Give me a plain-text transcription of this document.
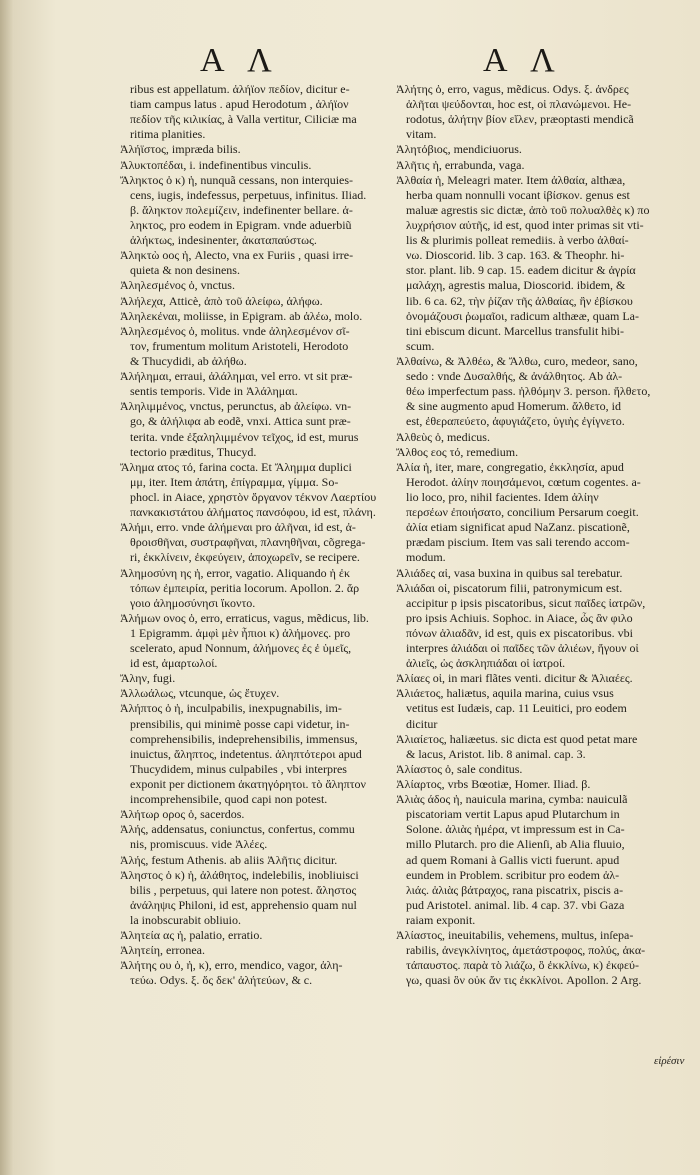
A Λ	A Λ
ribus est appellatum. ἀλήϊον πεδίον, dicitur e-
tiam campus latus . apud Herodotum , ἀλήϊον
πεδίον τῆς κιλικίας, à Valla vertitur, Ciliciæ ma
ritima planities.
Ἀλήϊστος, impræda bilis.
Ἀλυκτοπέδαι, i. indefinentibus vinculis.
Ἄληκτος ὁ κ) ἡ, nunquã cessans, non interquies-
cens, iugis, indefessus, perpetuus, infinitus. Iliad.
β. ἄληκτον πολεμίζειν, indefinenter bellare. ἀ-
ληκτος, pro eodem in Epigram. vnde aduerbiũ
ἀλήκτως, indesinenter, ἀκαταπαύστως.
Ἀληκτὼ οος ἡ, Alecto, vna ex Furiis , quasi irre-
quieta & non desinens.
Ἀληλεσμένος ὁ, vnctus.
Ἀλήλεχα, Atticè, ἀπὸ τοῦ ἀλείφω, ἀλήφω.
Ἀληλεκέναι, moliisse, in Epigram. ab ἀλέω, molo.
Ἀληλεσμένος ὁ, molitus. vnde ἀληλεσμένον σῖ-
τον, frumentum molitum Aristoteli, Herodoto
& Thucydidi, ab ἀλήθω.
Ἀλήλημαι, erraui, ἀλάλημαι, vel erro. vt sit præ-
sentis temporis. Vide in Ἀλάλημαι.
Ἀληλιμμένος, vnctus, perunctus, ab ἀλείφω. vn-
go, & ἀλήλιφα ab eodẽ, vnxi. Attica sunt præ-
terita. vnde ἐξαληλιμμένον τεῖχος, id est, murus
tectorio præditus, Thucyd.
Ἄλημα ατος τό, farina cocta. Et Ἄλημμα duplici
μμ, iter. Item ἀπάτη, ἐπίγραμμα, γίμμα. So-
phocl. in Aiace, χρηστὸν ὄργανον τέκνον Λαερτίου
πανκακιστάτου ἀλήματος πανσόφου, id est, πλάνη.
Ἀλήμι, erro. vnde ἀλήμεναι pro ἀλῆναι, id est, ἀ-
θροισθῆναι, συστραφῆναι, πλανηθῆναι, cõgrega-
ri, ἐκκλίνειν, ἐκφεύγειν, ἀποχωρεῖν, se recipere.
Ἀλημοσύνη ης ἡ, error, vagatio. Aliquando ἡ ἐκ
τόπων ἐμπειρία, peritia locorum. Apollon. 2. ἄρ
γοιο ἀλημοσύνησι ἵκοντο.
Ἀλήμων ονος ὁ, erro, erraticus, vagus, mẽdicus, lib.
1 Epigramm. ἀμφὶ μὲν ἦπιοι κ) ἀλήμονες. pro
scelerato, apud Nonnum, ἀλήμονες ἐς ἐ ὑμεῖς,
id est, ἁμαρτωλοί.
Ἄλην, fugi.
Ἀλλωάλως, vtcunque, ὡς ἔτυχεν.
Ἀλήπτος ὁ ἡ, inculpabilis, inexpugnabilis, im-
prensibilis, qui minimè posse capi videtur, in-
comprehensibilis, indeprehensibilis, immensus,
inuictus, ἄληπτος, indetentus. ἀληπτότεροι apud
Thucydidem, minus culpabiles , vbi interpres
exponit per dictionem ἀκατηγόρητοι. τὸ ἄληπτον
incomprehensibile, quod capi non potest.
Ἀλήτωρ ορος ὁ, sacerdos.
Ἀλής, addensatus, coniunctus, confertus, commu
nis, promiscuus. vide Ἀλέες.
Ἀλής, festum Athenis. ab aliis Ἀλῆτις dicitur.
Ἀληστος ὁ κ) ἡ, ἀλάθητος, indelebilis, inobliuisci
bilis , perpetuus, qui latere non potest. ἄληστος
ἀνάληψις Philoni, id est, apprehensio quam nul
la inobscurabit obliuio.
Ἀλητεία ας ἡ, palatio, erratio.
Ἀλητείη, erronea.
Ἀλήτης ου ὁ, ἡ, κ), erro, mendico, vagor, ἀλη-
τεύω. Odys. ξ. ὅς δεκ' ἀλήτεύων, & c.
Ἀλήτης ὁ, erro, vagus, mẽdicus. Odys. ξ. ἀνδρες
ἀλῆται ψεύδονται, hoc est, οἱ πλανώμενοι. He-
rodotus, ἀλήτην βίον εἵλεν, præoptasti mendicã
vitam.
Ἀλητόβιος, mendiciuorus.
Ἀλῆτις ἡ, errabunda, vaga.
Ἀλθαία ἡ, Meleagri mater. Item ἀλθαία, althæa,
herba quam nonnulli vocant ἰβίσκον. genus est
maluæ agrestis sic dictæ, ἀπὸ τοῦ πολυαλθὲς κ) πο
λυχρήσιον αὐτῆς, id est, quod inter primas sit vti-
lis & plurimis polleat remediis. à verbo ἀλθαί-
νω. Dioscorid. lib. 3 cap. 163. & Theophr. hi-
stor. plant. lib. 9 cap. 15. eadem dicitur & ἀγρία
μαλάχη, agrestis malua, Dioscorid. ibidem, &
lib. 6 ca. 62, τὴν ῥίζαν τῆς ἀλθαίας, ἣν ἐβίσκου
ὀνομάζουσι ῥωμαῖοι, radicum althææ, quam La-
tini ebiscum dicunt. Marcellus transfulit hibi-
scum.
Ἀλθαίνω, & Ἀλθέω, & Ἄλθω, curo, medeor, sano,
sedo : vnde Δυσαλθής, & ἀνάλθητος. Ab ἀλ-
θέω imperfectum pass. ἠλθόμην 3. person. ἤλθετο,
& sine augmento apud Homerum. ἄλθετο, id
est, ἐθεραπεύετο, ἀφυγιάζετο, ὑγιὴς ἐγίγνετο.
Ἀλθεὺς ὁ, medicus.
Ἄλθος εος τό, remedium.
Ἁλία ἡ, iter, mare, congregatio, ἐκκλησία, apud
Herodot. ἁλίην ποιησάμενοι, cœtum cogentes. a-
lio loco, pro, nihil facientes. Idem ἁλίην
περσέων ἐποιήσατο, concilium Persarum coegit.
ἁλία etiam significat apud NaZanz. piscationẽ,
prædam piscium. Item vas sali terendo accom-
modum.
Ἁλιάδες αἱ, vasa buxina in quibus sal terebatur.
Ἁλιάδαι οἱ, piscatorum filii, patronymicum est.
accipitur p ipsis piscatoribus, sicut παῖδες ἰατρῶν,
pro ipsis Achiuis. Sophoc. in Aiace, ὦς ἂν φιλο
πόνων ἁλιαδᾶν, id est, quis ex piscatoribus. vbi
interpres ἁλιάδαι οἱ παῖδες τῶν ἁλιέων, ἤγουν οἱ
ἁλιεῖς, ὡς ἀσκληπιάδαι οἱ ἰατροί.
Ἀλίαες οἱ, in mari flãtes venti. dicitur & Ἀλιαέες.
Ἁλιάετος, haliætus, aquila marina, cuius vsus
vetitus est Iudæis, cap. 11 Leuitici, pro eodem
dicitur
Ἁλιαίετος, haliæetus. sic dicta est quod petat mare
& lacus, Aristot. lib. 8 animal. cap. 3.
Ἁλίαστος ὁ, sale conditus.
Ἀλίαρτος, vrbs Bœotiæ, Homer. Iliad. β.
Ἁλιὰς άδος ἡ, nauicula marina, cymba: nauiculã
piscatoriam vertit Lapus apud Plutarchum in
Solone. ἁλιὰς ἡμέρα, vt impressum est in Ca-
millo Plutarch. pro die Alienſi, ab Alia fluuio,
ad quem Romani à Gallis victi fuerunt. apud
eundem in Problem. scribitur pro eodem ἀλ-
λιάς. ἁλιὰς βάτραχος, rana piscatrix, piscis a-
pud Aristotel. animal. lib. 4 cap. 37. vbi Gaza
raiam exponit.
Ἀλίαστος, ineuitabilis, vehemens, multus, inſepa-
rabilis, ἀνεγκλίνητος, ἀμετάστροφος, πολύς, ἀκα-
τάπαυστος. παρὰ τὸ λιάζω, ὃ ἐκκλίνω, κ) ἐκφεύ-
γω, quasi ὃν οὐκ ἄν τις ἐκκλίνοι. Apollon. 2 Arg.
εἰρέσιν
